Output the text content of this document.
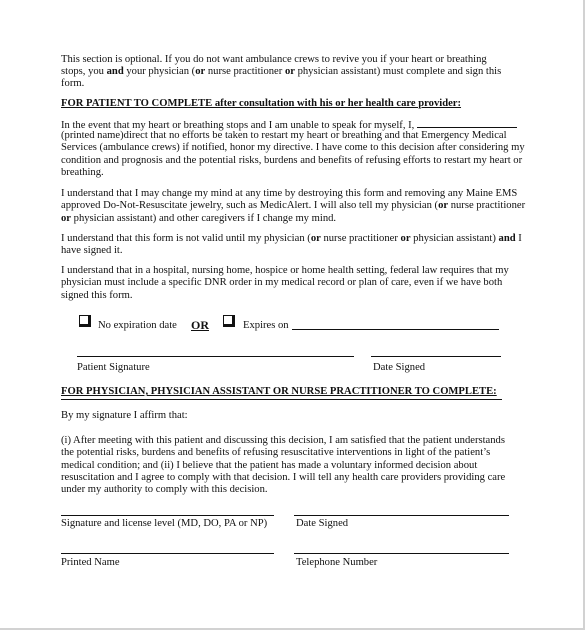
This section is optional. If you do not want ambulance crews to revive you if your heart or breathing

stops, you and your physician (or nurse practitioner or physician assistant) must complete and sign this

form.

FOR PATIENT TO COMPLETE after consultation with his or her health care provider:

In the event that my heart or breathing stops and I am unable to speak for myself, I,

(printed name)direct that no efforts be taken to restart my heart or breathing and that Emergency Medical Services (ambulance crews) if notified, honor my directive. I have come to this decision after considering my condition and prognosis and the potential risks, burdens and benefits of refusing efforts to restart my heart or breathing.

I understand that I may change my mind at any time by destroying this form and removing any Maine EMS approved Do-Not-Resuscitate jewelry, such as MedicAlert. I will also tell my physician (or nurse practitioner or physician assistant) and other caregivers if I change my mind.

I understand that this form is not valid until my physician (or nurse practitioner or physician assistant) and I have signed it.

I understand that in a hospital, nursing home, hospice or home health setting, federal law requires that my physician must include a specific DNR order in my medical record or plan of care, even if we have both signed this form.

No expiration date OR	Expires on
Patient Signature	Date Signed

FOR PHYSICIAN, PHYSICIAN ASSISTANT OR NURSE PRACTITIONER TO COMPLETE:

By my signature I affirm that:

(i) After meeting with this patient and discussing this decision, I am satisfied that the patient understands the potential risks, burdens and benefits of refusing resuscitative interventions in light of the patient’s medical condition; and (ii) I believe that the patient has made a voluntary informed decision about resuscitation and I agree to comply with that decision. I will tell any health care providers providing care under my authority to comply with this decision.

Signature and license level (MD, DO, PA or NP)	Date Signed
Printed Name	Telephone Number
